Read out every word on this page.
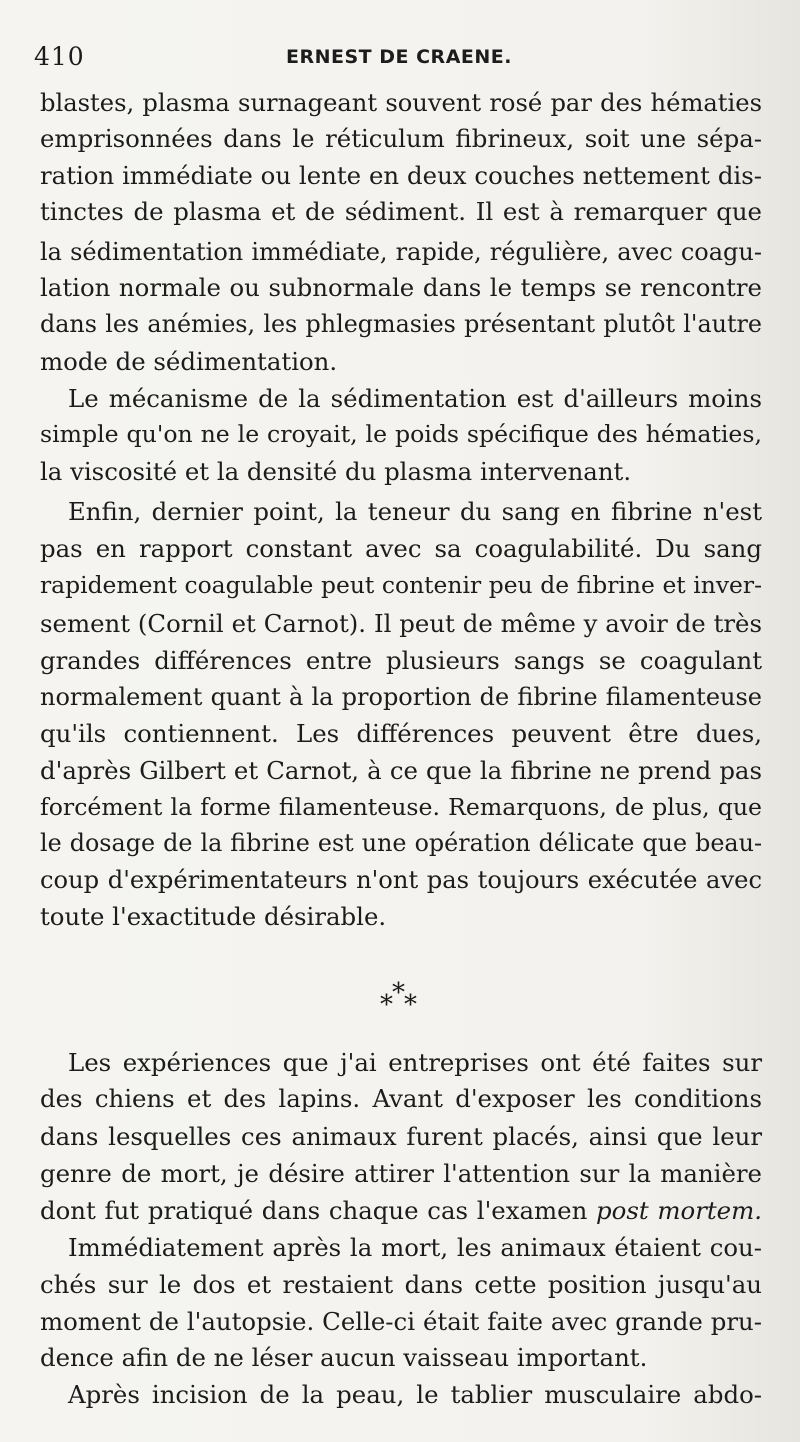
410	ERNEST DE CRAENE.
blastes, plasma surnageant souvent rosé par des hématies
emprisonnées dans le réticulum fibrineux, soit une sépa-
ration immédiate ou lente en deux couches nettement dis-
tinctes de plasma et de sédiment. Il est à remarquer que
la sédimentation immédiate, rapide, régulière, avec coagu-
lation normale ou subnormale dans le temps se rencontre
dans les anémies, les phlegmasies présentant plutôt l'autre
mode de sédimentation.
Le mécanisme de la sédimentation est d'ailleurs moins
simple qu'on ne le croyait, le poids spécifique des hématies,
la viscosité et la densité du plasma intervenant.
Enfin, dernier point, la teneur du sang en fibrine n'est
pas en rapport constant avec sa coagulabilité. Du sang
rapidement coagulable peut contenir peu de fibrine et inver-
sement (Cornil et Carnot). Il peut de même y avoir de très
grandes différences entre plusieurs sangs se coagulant
normalement quant à la proportion de fibrine filamenteuse
qu'ils contiennent. Les différences peuvent être dues,
d'après Gilbert et Carnot, à ce que la fibrine ne prend pas
forcément la forme filamenteuse. Remarquons, de plus, que
le dosage de la fibrine est une opération délicate que beau-
coup d'expérimentateurs n'ont pas toujours exécutée avec
toute l'exactitude désirable.
*
* *
Les expériences que j'ai entreprises ont été faites sur
des chiens et des lapins. Avant d'exposer les conditions
dans lesquelles ces animaux furent placés, ainsi que leur
genre de mort, je désire attirer l'attention sur la manière
dont fut pratiqué dans chaque cas l'examen post mortem.
Immédiatement après la mort, les animaux étaient cou-
chés sur le dos et restaient dans cette position jusqu'au
moment de l'autopsie. Celle-ci était faite avec grande pru-
dence afin de ne léser aucun vaisseau important.
Après incision de la peau, le tablier musculaire abdo-
